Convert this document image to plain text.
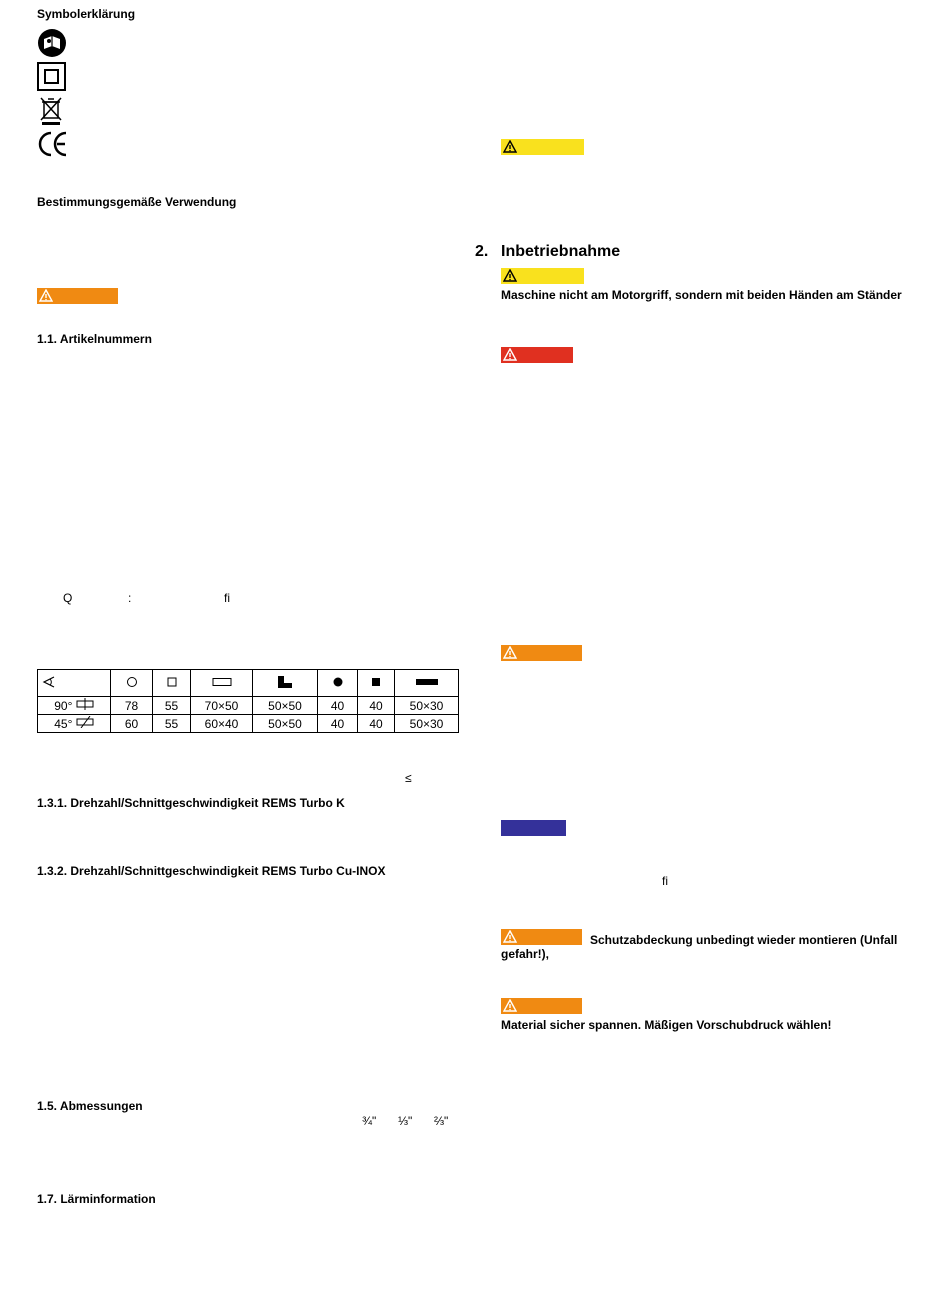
Symbolerklärung
Bestimmungsgemäße Verwendung
1.1. Artikelnummern
Q	:	fi

90°	78	55	70×50	50×50	40	40	50×30
45°	60	55	60×40	50×50	40	40	50×30
≤
1.3.1. Drehzahl/Schnittgeschwindigkeit REMS Turbo K
1.3.2. Drehzahl/Schnittgeschwindigkeit REMS Turbo Cu-INOX
1.5. Abmessungen
¾" ⅓" ⅔"
1.7. Lärminformation
2. Inbetriebnahme
Maschine nicht am Motorgriff, sondern mit beiden Händen am Ständer
fi
Schutzabdeckung unbedingt wieder montieren (Unfall
gefahr!),
Material sicher spannen. Mäßigen Vorschubdruck wählen!
